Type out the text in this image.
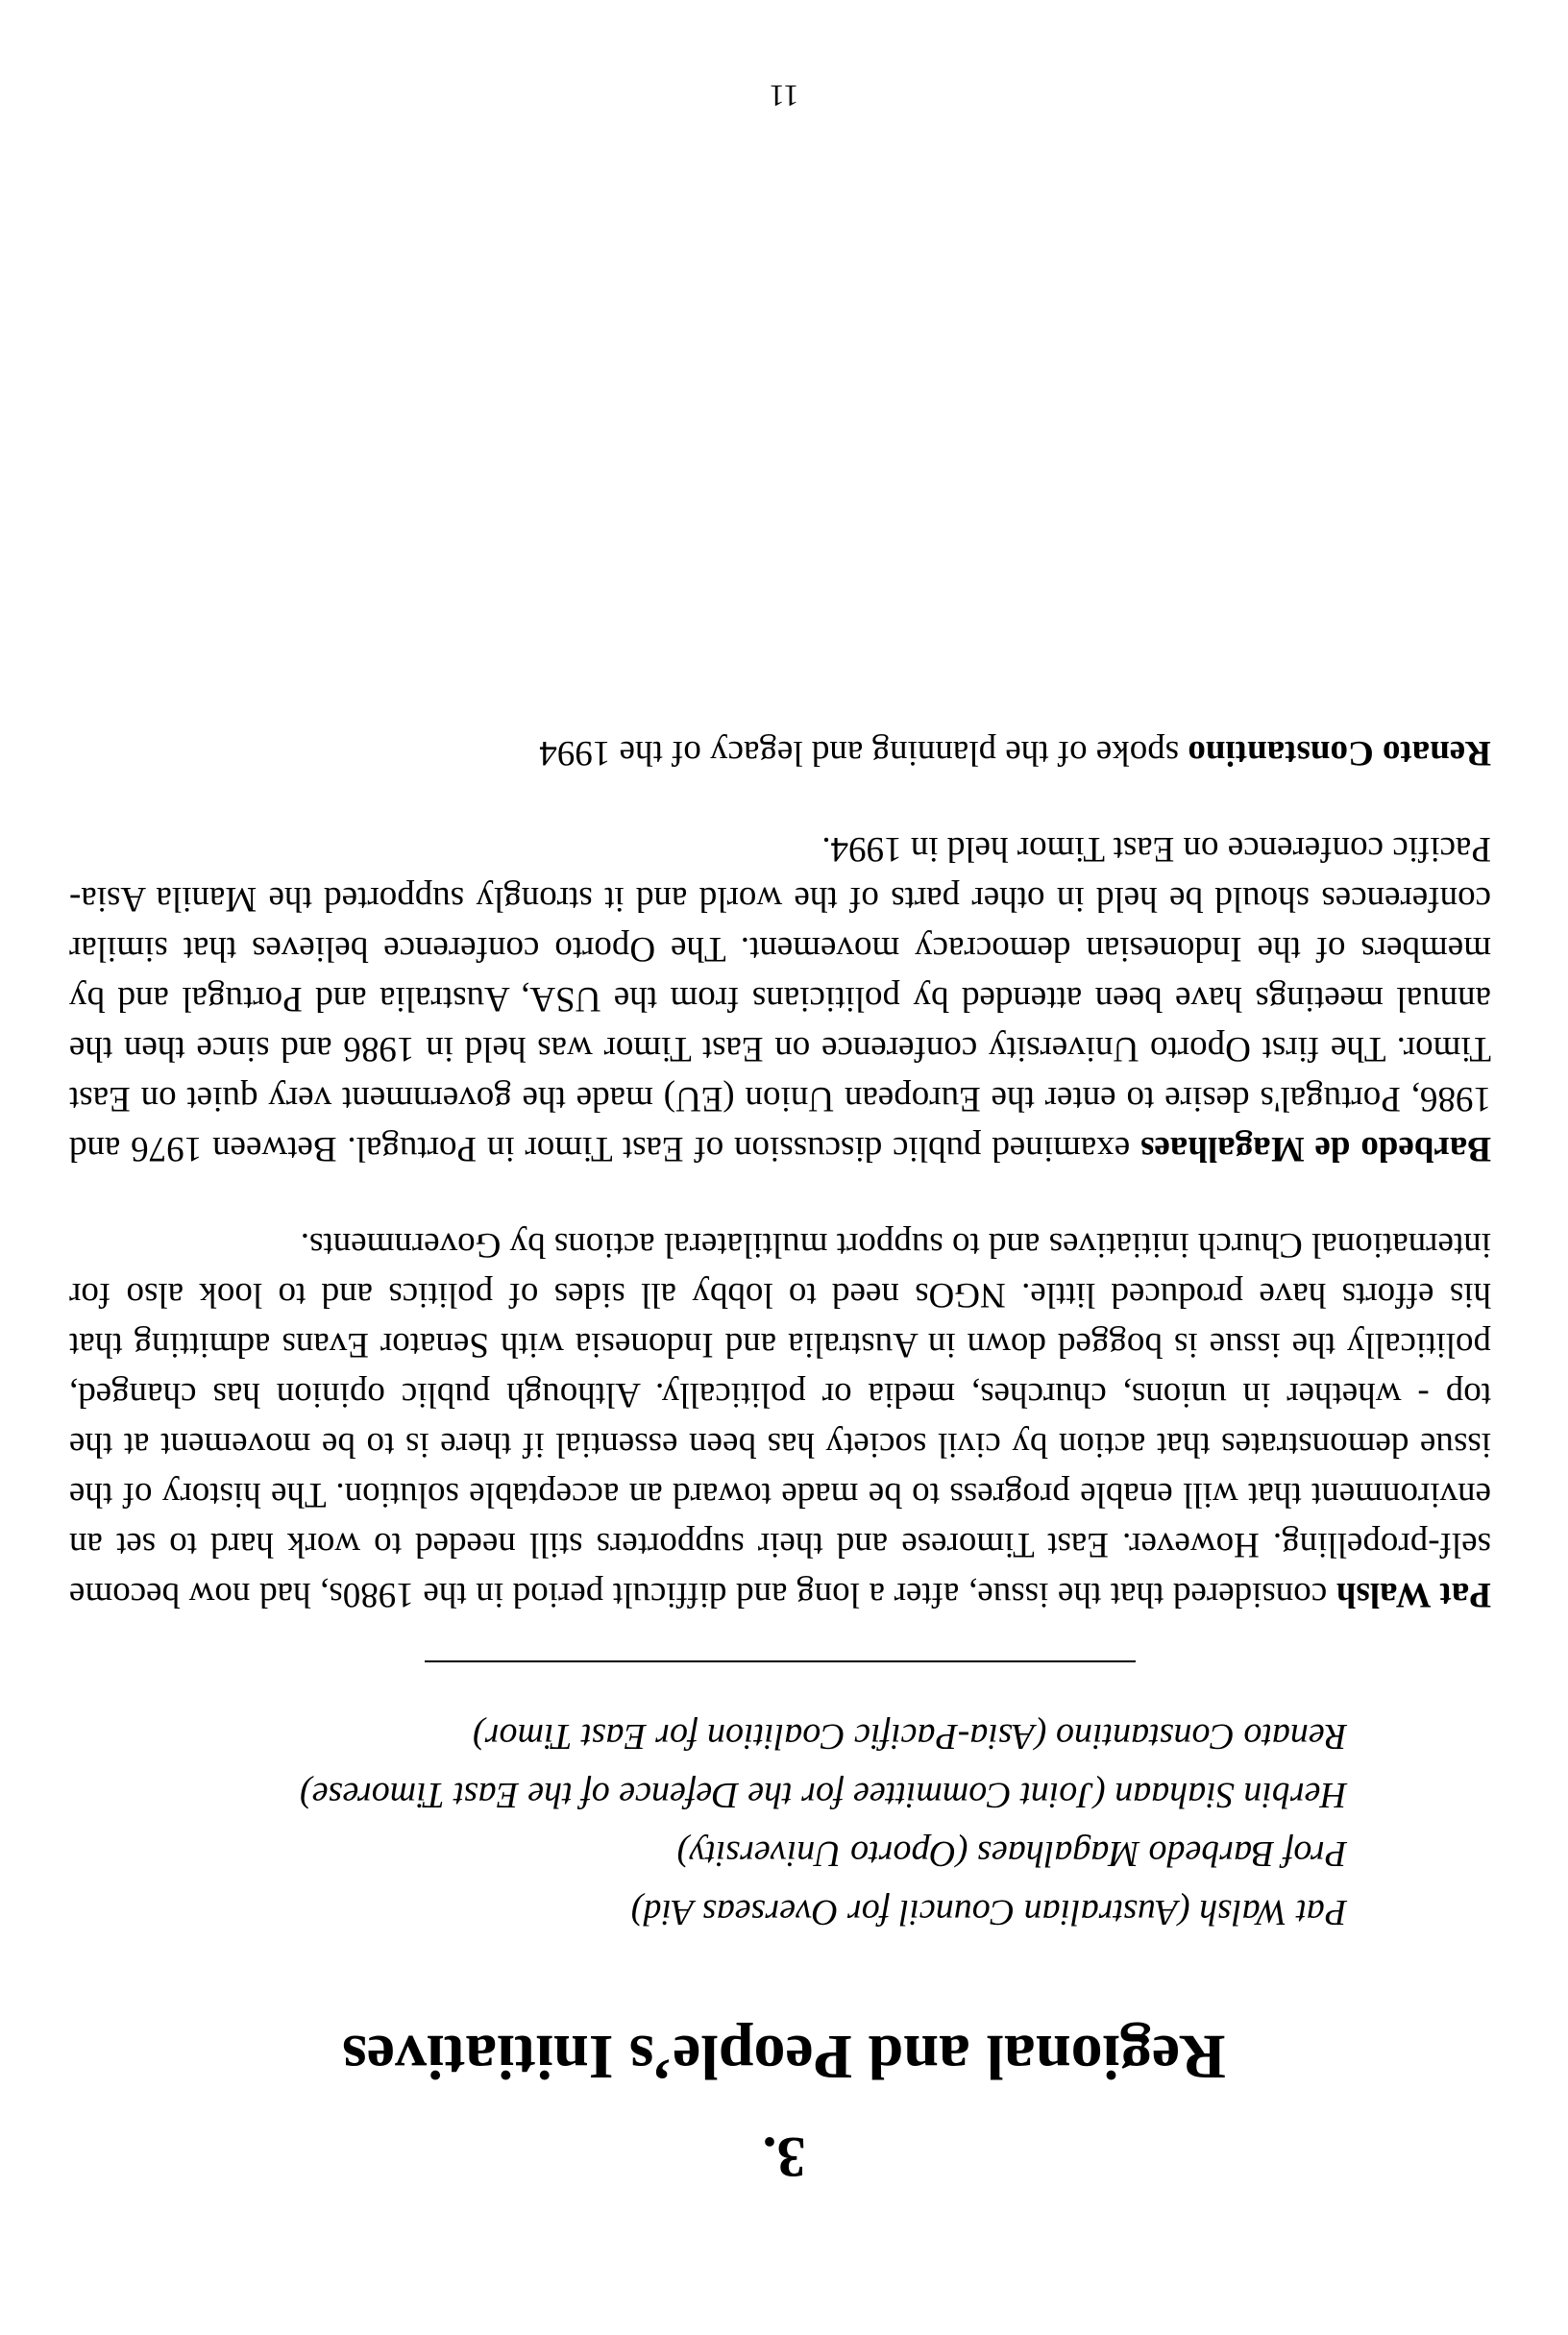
3.
Regional and People’s Initiatives
Pat Walsh (Australian Council for Overseas Aid)
Prof Barbedo Magalhaes (Oporto University)
Herbin Siahaan (Joint Committee for the Defence of the East Timorese)
Renato Constantino (Asia-Pacific Coalition for East Timor)

Pat Walsh considered that the issue, after a long and difficult period in the 1980s, had now become self-propelling. However. East Timorese and their supporters still needed to work hard to set an environment that will enable progress to be made toward an acceptable solution. The history of the issue demonstrates that action by civil society has been essential if there is to be movement at the top - whether in unions, churches, media or politically. Although public opinion has changed, politically the issue is bogged down in Australia and Indonesia with Senator Evans admitting that his efforts have produced little. NGOs need to lobby all sides of politics and to look also for international Church initiatives and to support multilateral actions by Governments.

Barbedo de Magalhaes examined public discussion of East Timor in Portugal. Between 1976 and 1986, Portugal's desire to enter the European Union (EU) made the government very quiet on East Timor. The first Oporto University conference on East Timor was held in 1986 and since then the annual meetings have been attended by politicians from the USA, Australia and Portugal and by members of the Indonesian democracy movement. The Oporto conference believes that similar conferences should be held in other parts of the world and it strongly supported the Manila Asia-Pacific conference on East Timor held in 1994.

Renato Constantino spoke of the planning and legacy of the 1994

11
